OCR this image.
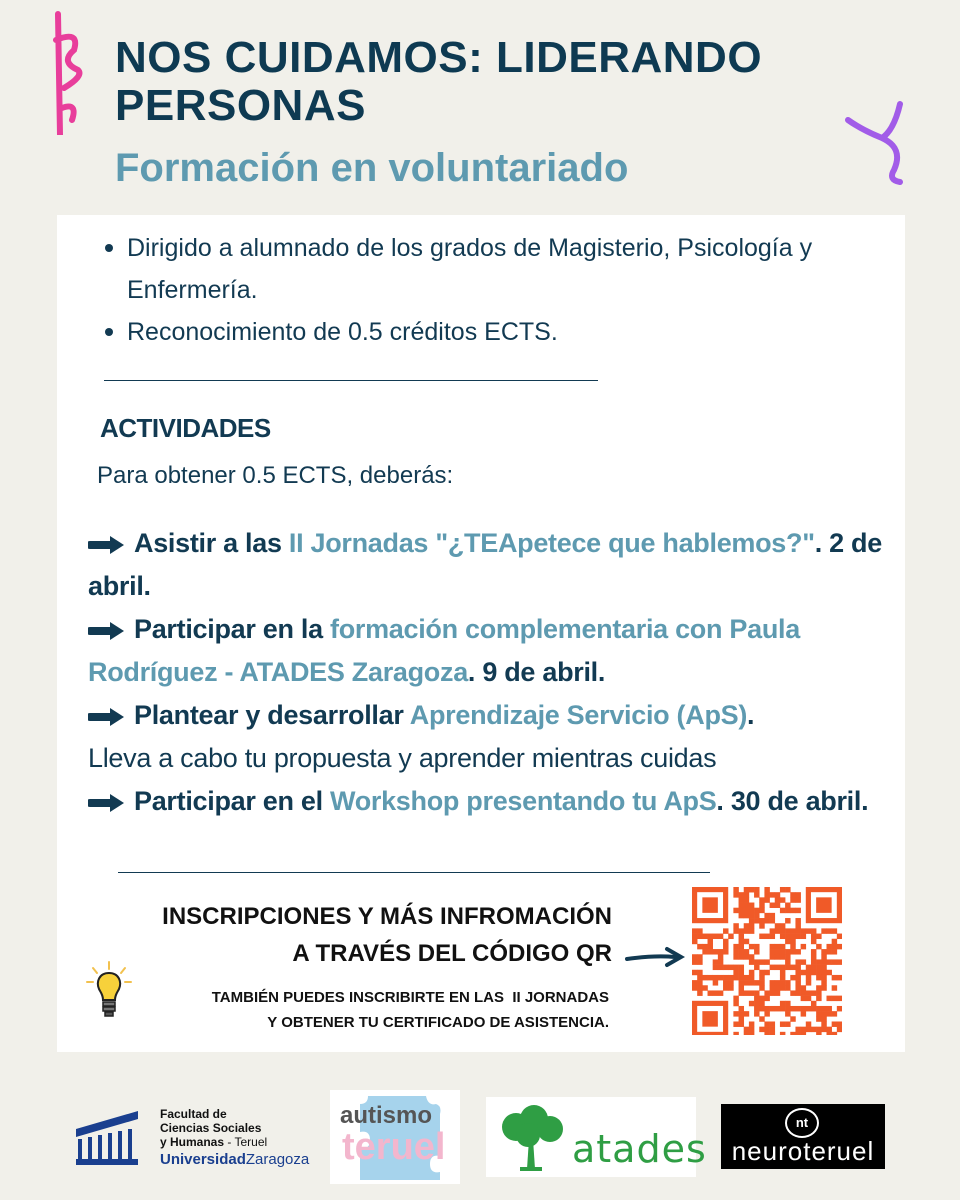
NOS CUIDAMOS: LIDERANDO PERSONAS
Formación en voluntariado
Dirigido a alumnado de los grados de Magisterio, Psicología y Enfermería.
Reconocimiento de 0.5 créditos ECTS.
ACTIVIDADES
Para obtener 0.5 ECTS, deberás:

Asistir a las II Jornadas "¿TEApetece que hablemos?". 2 de abril.

Participar en la formación complementaria con Paula Rodríguez - ATADES Zaragoza. 9 de abril.

Plantear y desarrollar Aprendizaje Servicio (ApS).
Lleva a cabo tu propuesta y aprender mientras cuidas

Participar en el Workshop presentando tu ApS. 30 de abril.

INSCRIPCIONES Y MÁS INFROMACIÓN
A TRAVÉS DEL CÓDIGO QR
TAMBIÉN PUEDES INSCRIBIRTE EN LAS  II JORNADAS
Y OBTENER TU CERTIFICADO DE ASISTENCIA.
Facultad de
Ciencias Sociales
y Humanas - Teruel
UniversidadZaragoza
autismo
teruel	atades
nt
neuroteruel
